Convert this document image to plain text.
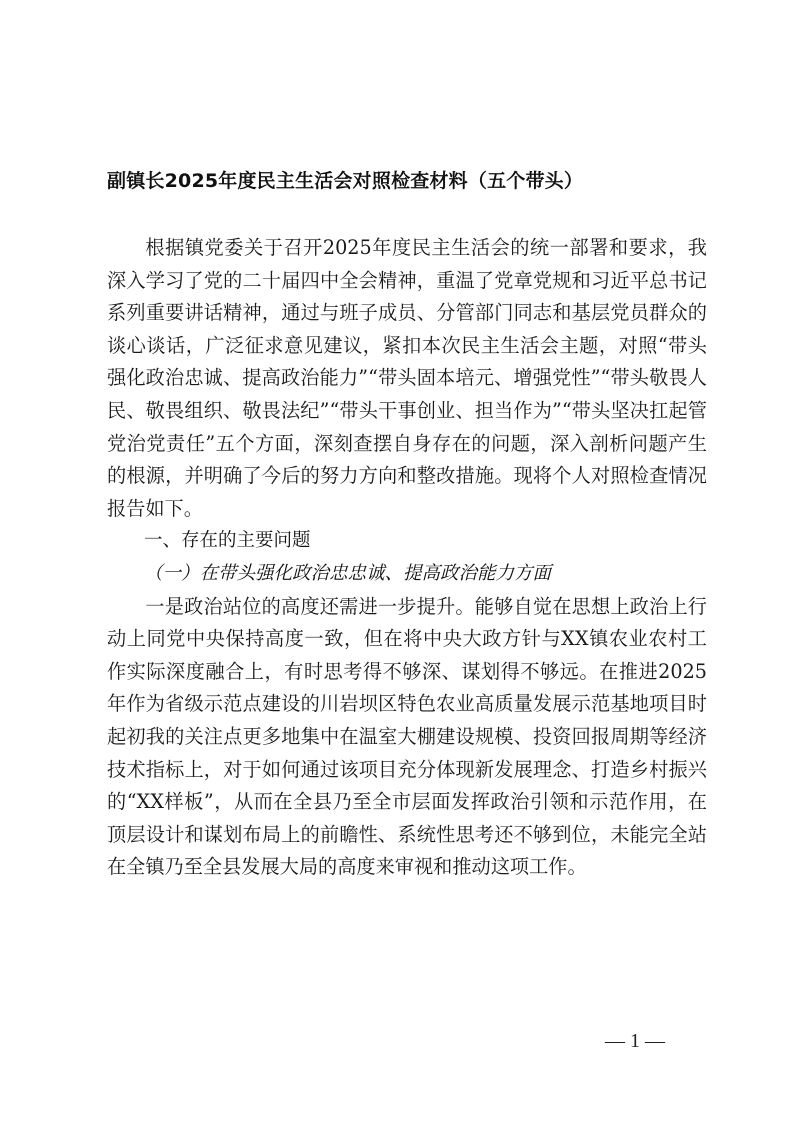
副镇长2025年度民主生活会对照检查材料（五个带头）

根据镇党委关于召开2025年度民主生活会的统一部署和要求，我深入学习了党的二十届四中全会精神，重温了党章党规和习近平总书记系列重要讲话精神，通过与班子成员、分管部门同志和基层党员群众的谈心谈话，广泛征求意见建议，紧扣本次民主生活会主题，对照“带头强化政治忠诚、提高政治能力”“带头固本培元、增强党性”“带头敬畏人民、敬畏组织、敬畏法纪”“带头干事创业、担当作为”“带头坚决扛起管党治党责任”五个方面，深刻查摆自身存在的问题，深入剖析问题产生的根源，并明确了今后的努力方向和整改措施。现将个人对照检查情况报告如下。

一、存在的主要问题

（一）在带头强化政治忠忠诚、提高政治能力方面

一是政治站位的高度还需进一步提升。能够自觉在思想上政治上行动上同党中央保持高度一致，但在将中央大政方针与XX镇农业农村工作实际深度融合上，有时思考得不够深、谋划得不够远。在推进2025年作为省级示范点建设的川岩坝区特色农业高质量发展示范基地项目时起初我的关注点更多地集中在温室大棚建设规模、投资回报周期等经济技术指标上，对于如何通过该项目充分体现新发展理念、打造乡村振兴的“XX样板”，从而在全县乃至全市层面发挥政治引领和示范作用，在顶层设计和谋划布局上的前瞻性、系统性思考还不够到位，未能完全站在全镇乃至全县发展大局的高度来审视和推动这项工作。

— 1 —
